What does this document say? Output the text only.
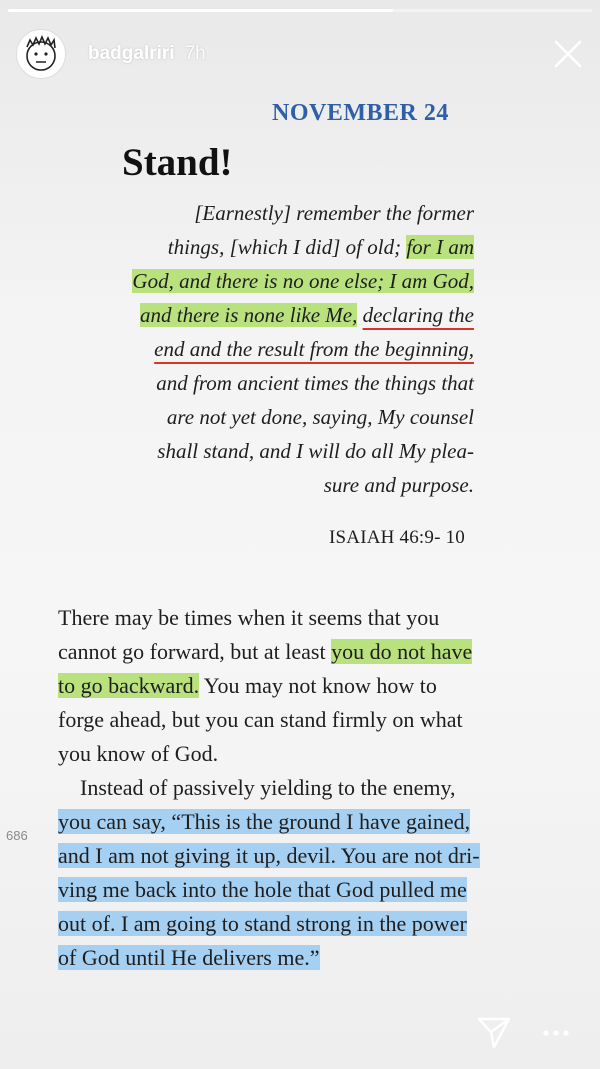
badgalriri 7h
NOVEMBER 24
Stand!
[Earnestly] remember the former
things, [which I did] of old; for I am
God, and there is no one else; I am God,
and there is none like Me, declaring the
end and the result from the beginning,
and from ancient times the things that
are not yet done, saying, My counsel
shall stand, and I will do all My plea-
sure and purpose.
ISAIAH 46:9- 10
There may be times when it seems that you
cannot go forward, but at least you do not have
to go backward. You may not know how to
forge ahead, but you can stand firmly on what
you know of God.
Instead of passively yielding to the enemy,
you can say, “This is the ground I have gained,
and I am not giving it up, devil. You are not dri-
ving me back into the hole that God pulled me
out of. I am going to stand strong in the power
of God until He delivers me.”
686
